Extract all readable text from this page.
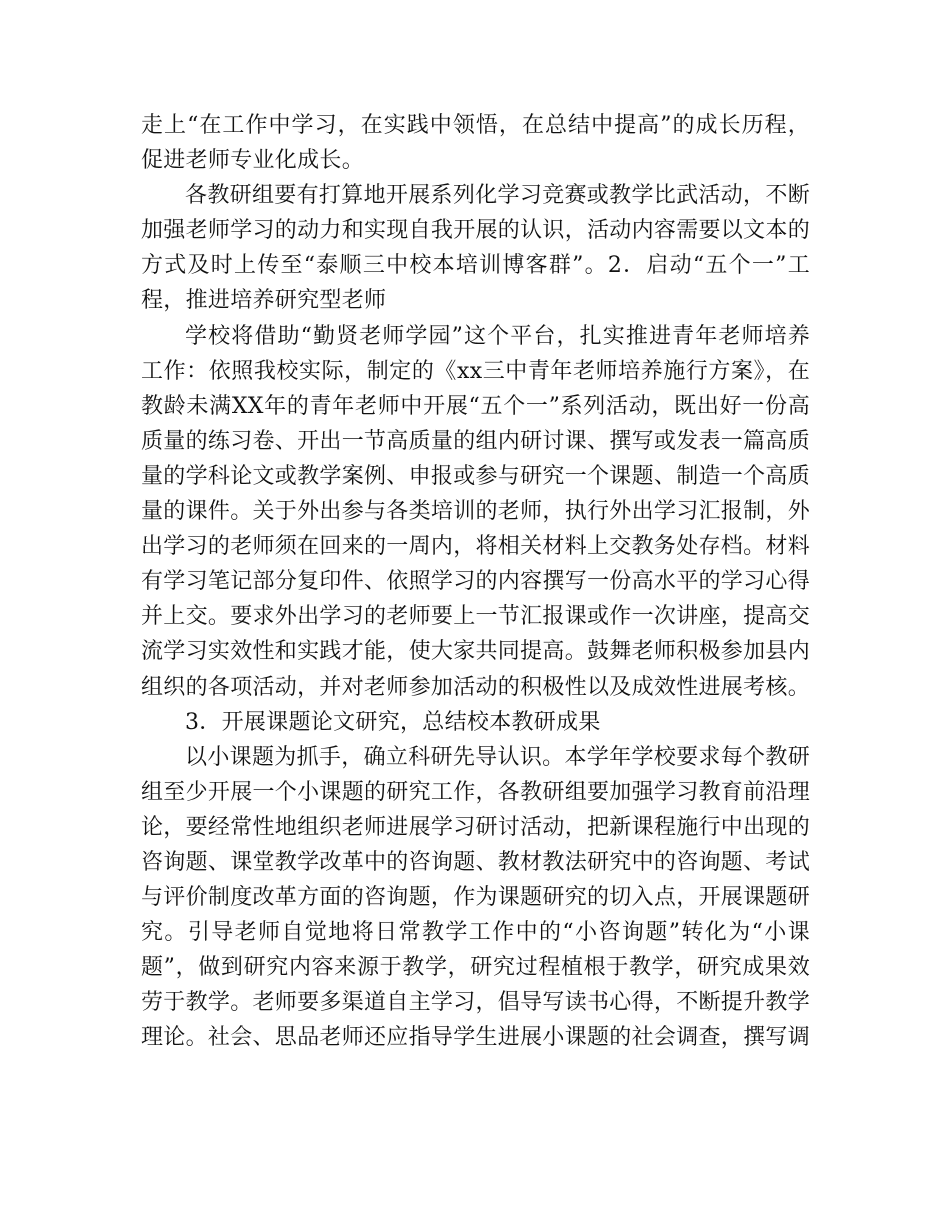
走上“在工作中学习，在实践中领悟，在总结中提高”的成长历程，促进老师专业化成长。

各教研组要有打算地开展系列化学习竞赛或教学比武活动，不断加强老师学习的动力和实现自我开展的认识，活动内容需要以文本的方式及时上传至“泰顺三中校本培训博客群”。2．启动“五个一”工程，推进培养研究型老师

学校将借助“勤贤老师学园”这个平台，扎实推进青年老师培养工作：依照我校实际，制定的《xx三中青年老师培养施行方案》，在教龄未满XX年的青年老师中开展“五个一”系列活动，既出好一份高质量的练习卷、开出一节高质量的组内研讨课、撰写或发表一篇高质量的学科论文或教学案例、申报或参与研究一个课题、制造一个高质量的课件。关于外出参与各类培训的老师，执行外出学习汇报制，外出学习的老师须在回来的一周内，将相关材料上交教务处存档。材料有学习笔记部分复印件、依照学习的内容撰写一份高水平的学习心得并上交。要求外出学习的老师要上一节汇报课或作一次讲座，提高交流学习实效性和实践才能，使大家共同提高。鼓舞老师积极参加县内组织的各项活动，并对老师参加活动的积极性以及成效性进展考核。

3．开展课题论文研究，总结校本教研成果

以小课题为抓手，确立科研先导认识。本学年学校要求每个教研组至少开展一个小课题的研究工作，各教研组要加强学习教育前沿理论，要经常性地组织老师进展学习研讨活动，把新课程施行中出现的咨询题、课堂教学改革中的咨询题、教材教法研究中的咨询题、考试与评价制度改革方面的咨询题，作为课题研究的切入点，开展课题研究。引导老师自觉地将日常教学工作中的“小咨询题”转化为“小课题”，做到研究内容来源于教学，研究过程植根于教学，研究成果效劳于教学。老师要多渠道自主学习，倡导写读书心得，不断提升教学理论。社会、思品老师还应指导学生进展小课题的社会调查，撰写调
